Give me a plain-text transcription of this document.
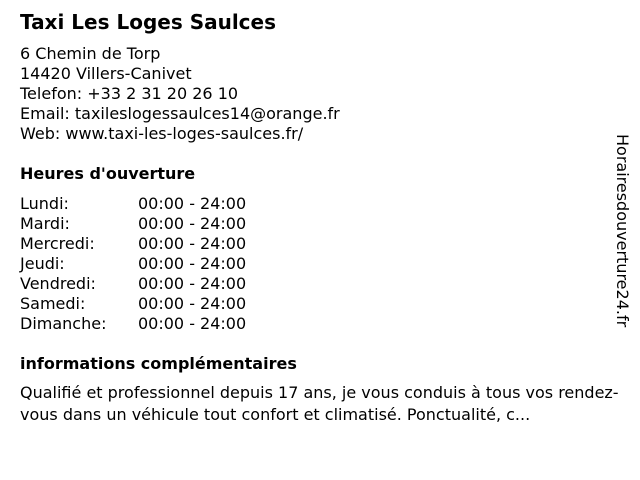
Taxi Les Loges Saulces
6 Chemin de Torp
14420 Villers-Canivet
Telefon: +33 2 31 20 26 10
Email: taxileslogessaulces14@orange.fr
Web: www.taxi-les-loges-saulces.fr/
Heures d'ouverture
Lundi:	00:00 - 24:00
Mardi:	00:00 - 24:00
Mercredi:	00:00 - 24:00
Jeudi:	00:00 - 24:00
Vendredi:	00:00 - 24:00
Samedi:	00:00 - 24:00
Dimanche: 00:00 - 24:00
informations complémentaires
Qualifié et professionnel depuis 17 ans, je vous conduis à tous vos rendez-vous dans un véhicule tout confort et climatisé. Ponctualité, c...
Horairesdouverture24.fr
